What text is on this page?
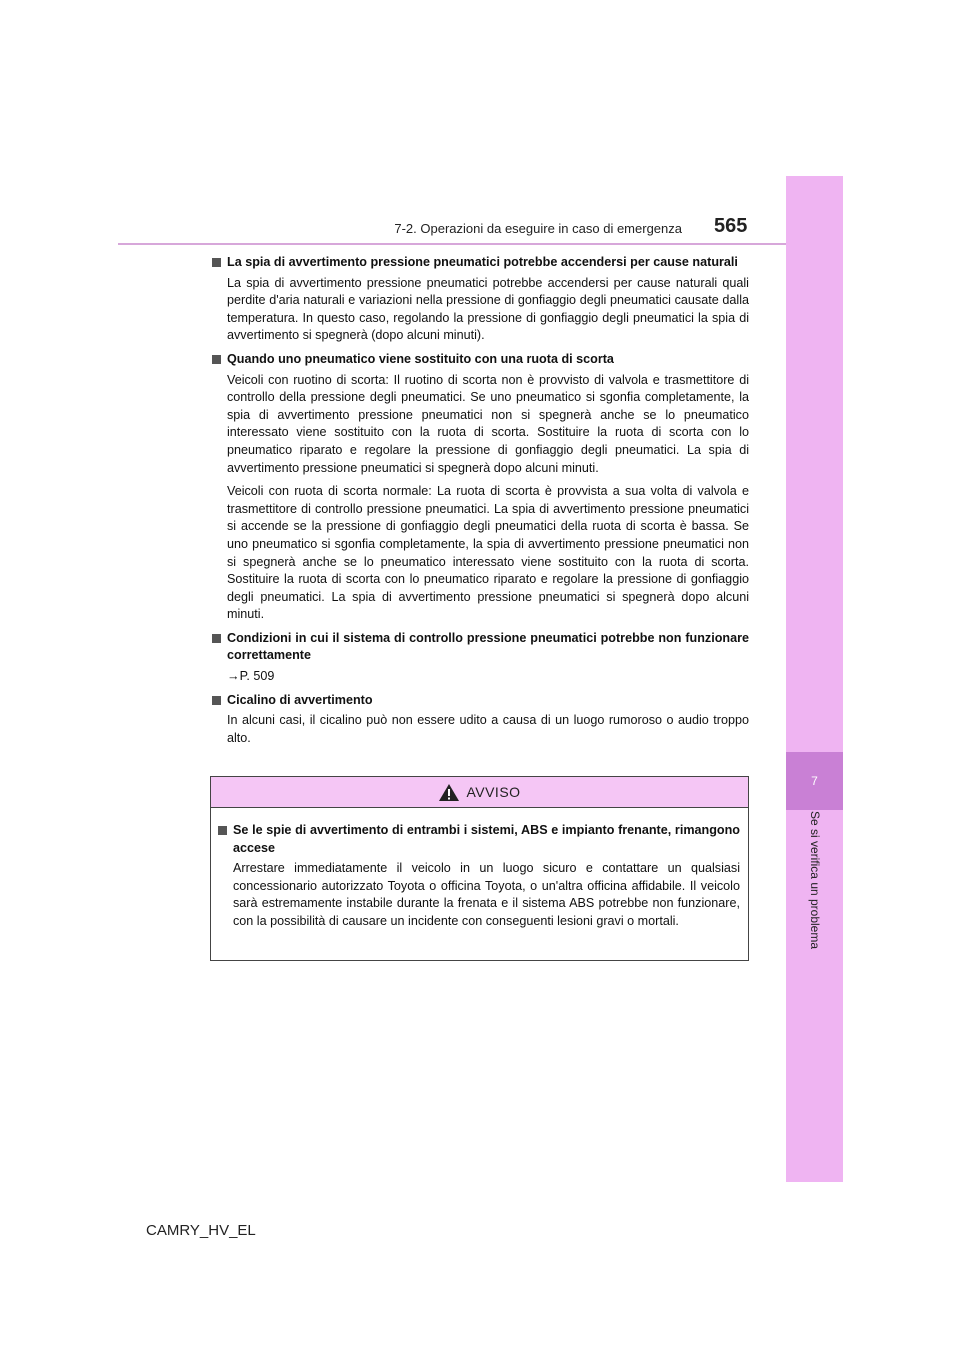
7
Se si verifica un problema
7-2. Operazioni da eseguire in caso di emergenza 565
La spia di avvertimento pressione pneumatici potrebbe accendersi per cause naturali

La spia di avvertimento pressione pneumatici potrebbe accendersi per cause naturali quali perdite d'aria naturali e variazioni nella pressione di gonfiaggio degli pneumatici causate dalla temperatura. In questo caso, regolando la pressione di gonfiaggio degli pneumatici la spia di avvertimento si spegnerà (dopo alcuni minuti).

Quando uno pneumatico viene sostituito con una ruota di scorta

Veicoli con ruotino di scorta: Il ruotino di scorta non è provvisto di valvola e trasmettitore di controllo della pressione degli pneumatici. Se uno pneumatico si sgonfia completamente, la spia di avvertimento pressione pneumatici non si spegnerà anche se lo pneumatico interessato viene sostituito con la ruota di scorta. Sostituire la ruota di scorta con lo pneumatico riparato e regolare la pressione di gonfiaggio degli pneumatici. La spia di avvertimento pressione pneumatici si spegnerà dopo alcuni minuti.

Veicoli con ruota di scorta normale: La ruota di scorta è provvista a sua volta di valvola e trasmettitore di controllo pressione pneumatici. La spia di avvertimento pressione pneumatici si accende se la pressione di gonfiaggio degli pneumatici della ruota di scorta è bassa. Se uno pneumatico si sgonfia completamente, la spia di avvertimento pressione pneumatici non si spegnerà anche se lo pneumatico interessato viene sostituito con la ruota di scorta. Sostituire la ruota di scorta con lo pneumatico riparato e regolare la pressione di gonfiaggio degli pneumatici. La spia di avvertimento pressione pneumatici si spegnerà dopo alcuni minuti.

Condizioni in cui il sistema di controllo pressione pneumatici potrebbe non funzionare correttamente

→P. 509

Cicalino di avvertimento

In alcuni casi, il cicalino può non essere udito a causa di un luogo rumoroso o audio troppo alto.

AVVISO
Se le spie di avvertimento di entrambi i sistemi, ABS e impianto frenante, rimangono accese

Arrestare immediatamente il veicolo in un luogo sicuro e contattare un qualsiasi concessionario autorizzato Toyota o officina Toyota, o un'altra officina affidabile. Il veicolo sarà estremamente instabile durante la frenata e il sistema ABS potrebbe non funzionare, con la possibilità di causare un incidente con conseguenti lesioni gravi o mortali.

CAMRY_HV_EL
